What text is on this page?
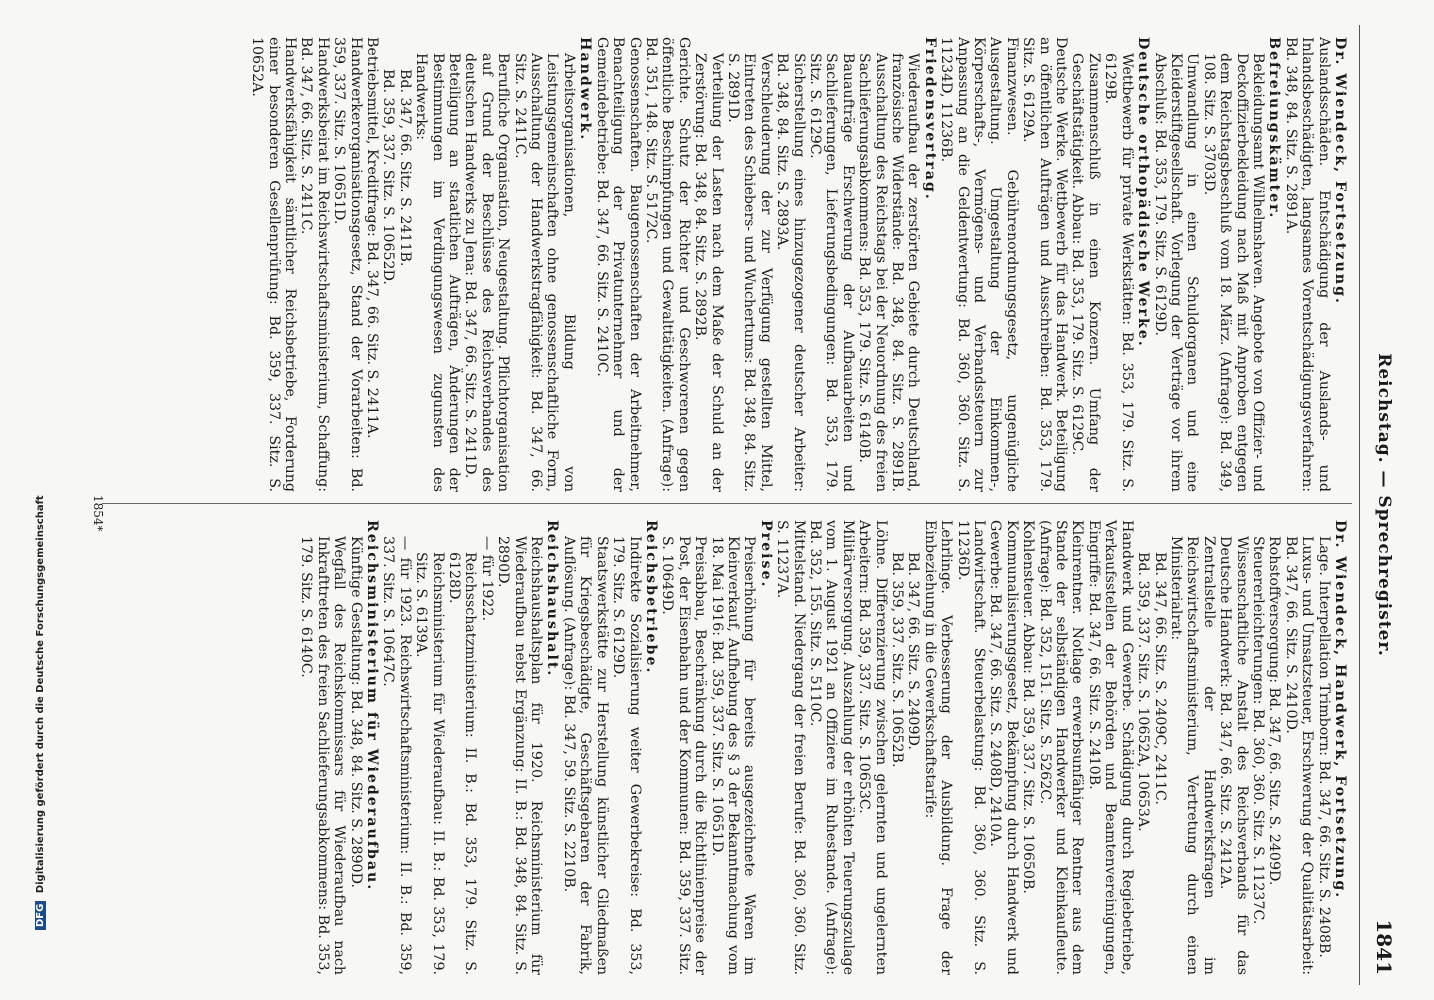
Reichstag. — Sprechregister.
1841

Dr. Wiendeck, Fortsetzung.

Auslandsschäden. Entschädigung der Auslands- und Inlandsbeschädigten, langsames Vorentschädigungsverfahren: Bd. 348, 84. Sitz. S. 2891A.

Befreiungskämter.

Bekleidungsamt Wilhelmshaven. Angebote von Offizier- und Deckoffizierbekleidung nach Maß mit Anproben entgegen dem Reichstagsbeschluß vom 18. März. (Anfrage): Bd. 349, 108. Sitz. S. 3703D.

Umwandlung in einen Schuldorganen und eine Kleiderstiftgesellschaft. Vorlegung der Verträge vor ihrem Abschluß: Bd. 353, 179. Sitz. S. 6129D.

Deutsche orthopädische Werke.

Wettbewerb für private Werkstätten: Bd. 353, 179. Sitz. S. 6129B.

Zusammenschluß in einen Konzern. Umfang der Geschäftstätigkeit. Abbau: Bd. 353, 179. Sitz. S. 6129C.

Deutsche Werke. Wettbewerb für das Handwerk. Beteiligung an öffentlichen Aufträgen und Ausschreiben: Bd. 353, 179. Sitz. S. 6129A.

Finanzwesen. Gebührenordnungsgesetz, ungenügliche Ausgestaltung. Umgestaltung der Einkommen-, Körperschafts-, Vermögens- und Verbandssteuern zur Anpassung an die Geldentwertung: Bd. 360, 360. Sitz. S. 11234D, 11236B.

Friedensvertrag.

Wiederaufbau der zerstörten Gebiete durch Deutschland, französische Widerstände: Bd. 348, 84. Sitz. S. 2891B. Ausschaltung des Reichstags bei der Neuordnung des freien Sachlieferungsabkommens: Bd. 353, 179. Sitz. S. 6140B.

Bauaufträge Erschwerung der Aufbauarbeiten und Sachlieferungen, Lieferungsbedingungen: Bd. 353, 179. Sitz. S. 6129C.

Sicherstellung eines hinzugezogener deutscher Arbeiter: Bd. 348, 84. Sitz. S. 2893A.

Verschleuderung der zur Verfügung gestellten Mittel, Eintreten des Schiebers- und Wuchertums: Bd. 348, 84. Sitz. S. 2891D.

Verteilung der Lasten nach dem Maße der Schuld an der Zerstörung: Bd. 348, 84. Sitz. S. 2892B.

Gerichte. Schutz der Richter und Geschworenen gegen öffentliche Beschimpfungen und Gewalttätigkeiten. (Anfrage): Bd. 351, 148. Sitz. S. 5172C.

Genossenschaften. Baugenossenschaften der Arbeitnehmer, Benachteiligung der Privatunternehmer und der Gemeindebetriebe: Bd. 347, 66. Sitz. S. 2410C.

Handwerk.

Arbeitsorganisationen, Bildung von Leistungsgemeinschaften ohne genossenschaftliche Form, Ausschaltung der Handwerkstragfähigkeit: Bd. 347, 66. Sitz. S. 2411C.

Berufliche Organisation, Neugestaltung. Pflichtorganisation auf Grund der Beschlüsse des Reichsverbandes des deutschen Handwerks zu Jena: Bd. 347, 66. Sitz. S. 2411D.

Beteiligung an staatlichen Aufträgen, Änderungen der Bestimmungen im Verdingungswesen zugunsten des Handwerks:

Bd. 347, 66. Sitz. S. 2411B.

Bd. 359, 337. Sitz. S. 10652D.

Betriebsmittel, Kreditfrage: Bd. 347, 66. Sitz. S. 2411A.

Handwerkerorganisationsgesetz, Stand der Vorarbeiten: Bd. 359, 337. Sitz. S. 10651D.

Handwerksbeirat im Reichswirtschaftsministerium, Schaffung: Bd. 347, 66. Sitz. S. 2411C.

Handwerksfähigkeit sämtlicher Reichsbetriebe, Forderung einer besonderen Gesellenprüfung: Bd. 359, 337. Sitz. S. 10652A.

Dr. Wiendeck, Handwerk, Fortsetzung.

Lage. Interpellation Trimborn: Bd. 347, 66. Sitz. S. 2408B.

Luxus- und Umsatzsteuer, Erschwerung der Qualitätsarbeit: Bd. 347, 66. Sitz. S. 2410D.

Rohstoffversorgung: Bd. 347, 66. Sitz. S. 2409D.

Steuererleichterungen: Bd. 360, 360. Sitz. S. 11237C.

Wissenschaftliche Anstalt des Reichsverbands für das Deutsche Handwerk: Bd. 347, 66. Sitz. S. 2412A.

Zentralstelle der Handwerksfragen im Reichswirtschaftsministerium, Vertretung durch einen Ministerialrat:

Bd. 347, 66. Sitz. S. 2409C, 2411C.

Bd. 359, 337. Sitz. S. 10652A, 10653A.

Handwerk und Gewerbe. Schädigung durch Regiebetriebe, Verkaufsstellen der Behörden und Beamtenvereinigungen, Eingriffe: Bd. 347, 66. Sitz. S. 2410B.

Kleinrentner. Notlage erwerbsunfähiger Rentner aus dem Stande der selbständigen Handwerker und Kleinkaufleute. (Anfrage): Bd. 352, 151. Sitz. S. 5262C.

Kohlensteuer. Abbau: Bd. 359, 337. Sitz. S. 10650B.

Kommunalisierungsgesetz, Bekämpfung durch Handwerk und Gewerbe: Bd. 347, 66. Sitz. S. 2408D, 2410A.

Landwirtschaft. Steuerbelastung: Bd. 360, 360. Sitz. S. 11236D.

Lehrlinge. Verbesserung der Ausbildung. Frage der Einbeziehung in die Gewerkschaftstarife:

Bd. 347, 66. Sitz. S. 2409D.

Bd. 359, 337. Sitz. S. 10652B.

Löhne. Differenzierung zwischen gelernten und ungelernten Arbeitern: Bd. 359, 337. Sitz. S. 10653C.

Militärversorgung. Auszahlung der erhöhten Teuerungszulage vom 1. August 1921 an Offiziere im Ruhestande. (Anfrage): Bd. 352, 155. Sitz. S. 5110C.

Mittelstand. Niedergang der freien Berufe: Bd. 360, 360. Sitz. S. 11237A.

Preise.

Preiserhöhung für bereits ausgezeichnete Waren im Kleinverkauf, Aufhebung des § 3 der Bekanntmachung vom 18. Mai 1916: Bd. 359, 337. Sitz. S. 10651D.

Preisabbau, Beschränkung durch die Richtlinienpreise der Post, der Eisenbahn und der Kommunen: Bd. 359, 337. Sitz. S. 10649D.

Reichsbetriebe.

Indirekte Sozialisierung weiter Gewerbekreise: Bd. 353, 179. Sitz. S. 6129D.

Staatswerkstätte zur Herstellung künstlicher Gliedmaßen für Kriegsbeschädigte, Geschäftsgebaren der Fabrik, Auflösung. (Anfrage): Bd. 347, 59. Sitz. S. 2210B.

Reichshaushalt.

Reichshaushaltsplan für 1920. Reichsministerium für Wiederaufbau nebst Ergänzung: II. B.: Bd. 348, 84. Sitz. S. 2890D.

— für 1922.

Reichsschatzministerium: II. B.: Bd. 353, 179. Sitz. S. 6128D.

Reichsministerium für Wiederaufbau: II. B.: Bd. 353, 179. Sitz. S. 6139A.

— für 1923. Reichswirtschaftsministerium: II. B.: Bd. 359, 337. Sitz. S. 10647C.

Reichsministerium für Wiederaufbau.

Künftige Gestaltung: Bd. 348, 84. Sitz. S. 2890D.

Wegfall des Reichskommissars für Wiederaufbau nach Inkrafttreten des freien Sachlieferungsabkommens: Bd. 353, 179. Sitz. S. 6140C.

1854*
DFG Digitalisierung gefördert durch die Deutsche Forschungsgemeinschaft
